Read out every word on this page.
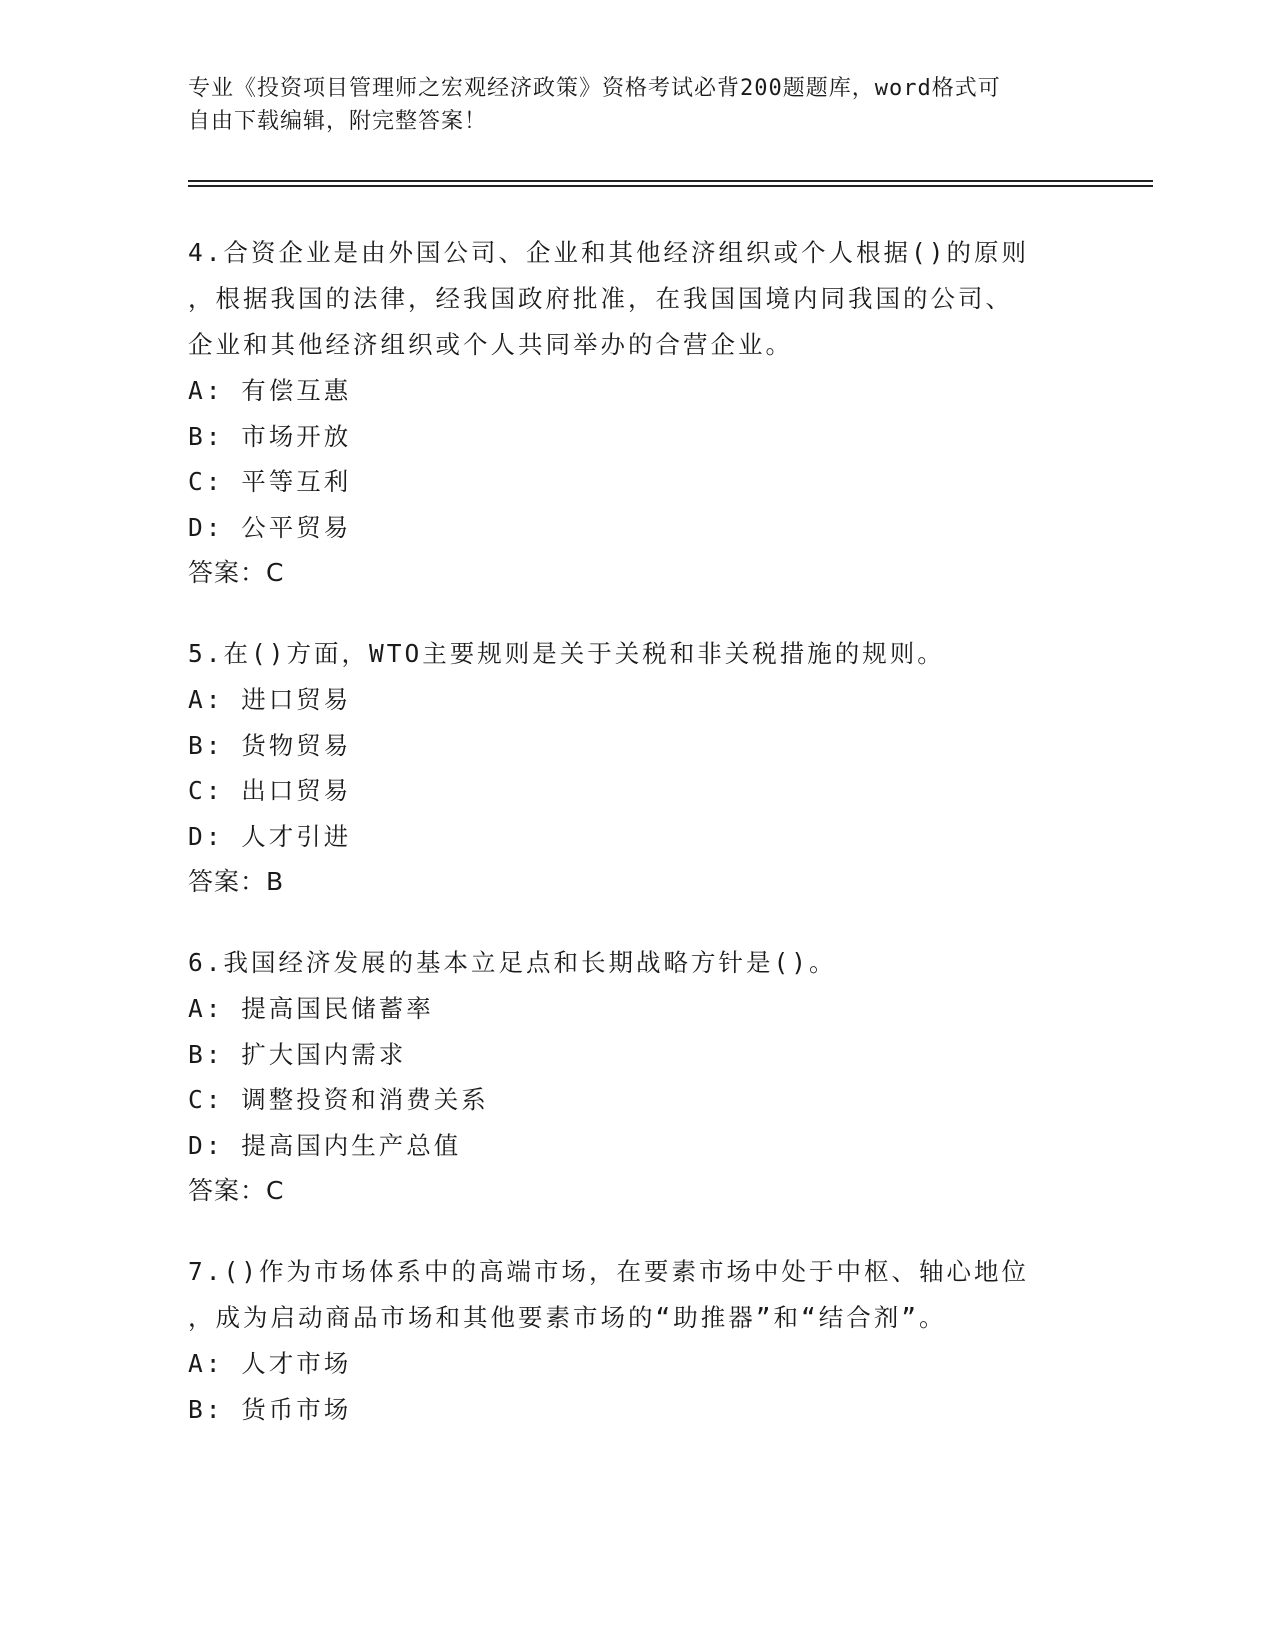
专业《投资项目管理师之宏观经济政策》资格考试必背200题题库，word格式可
自由下载编辑，附完整答案！
4.合资企业是由外国公司、企业和其他经济组织或个人根据()的原则
，根据我国的法律，经我国政府批准，在我国国境内同我国的公司、
企业和其他经济组织或个人共同举办的合营企业。
A: 有偿互惠
B: 市场开放
C: 平等互利
D: 公平贸易
答案：C
5.在()方面，WTO主要规则是关于关税和非关税措施的规则。
A: 进口贸易
B: 货物贸易
C: 出口贸易
D: 人才引进
答案：B
6.我国经济发展的基本立足点和长期战略方针是()。
A: 提高国民储蓄率
B: 扩大国内需求
C: 调整投资和消费关系
D: 提高国内生产总值
答案：C
7.()作为市场体系中的高端市场，在要素市场中处于中枢、轴心地位
，成为启动商品市场和其他要素市场的“助推器”和“结合剂”。
A: 人才市场
B: 货币市场
